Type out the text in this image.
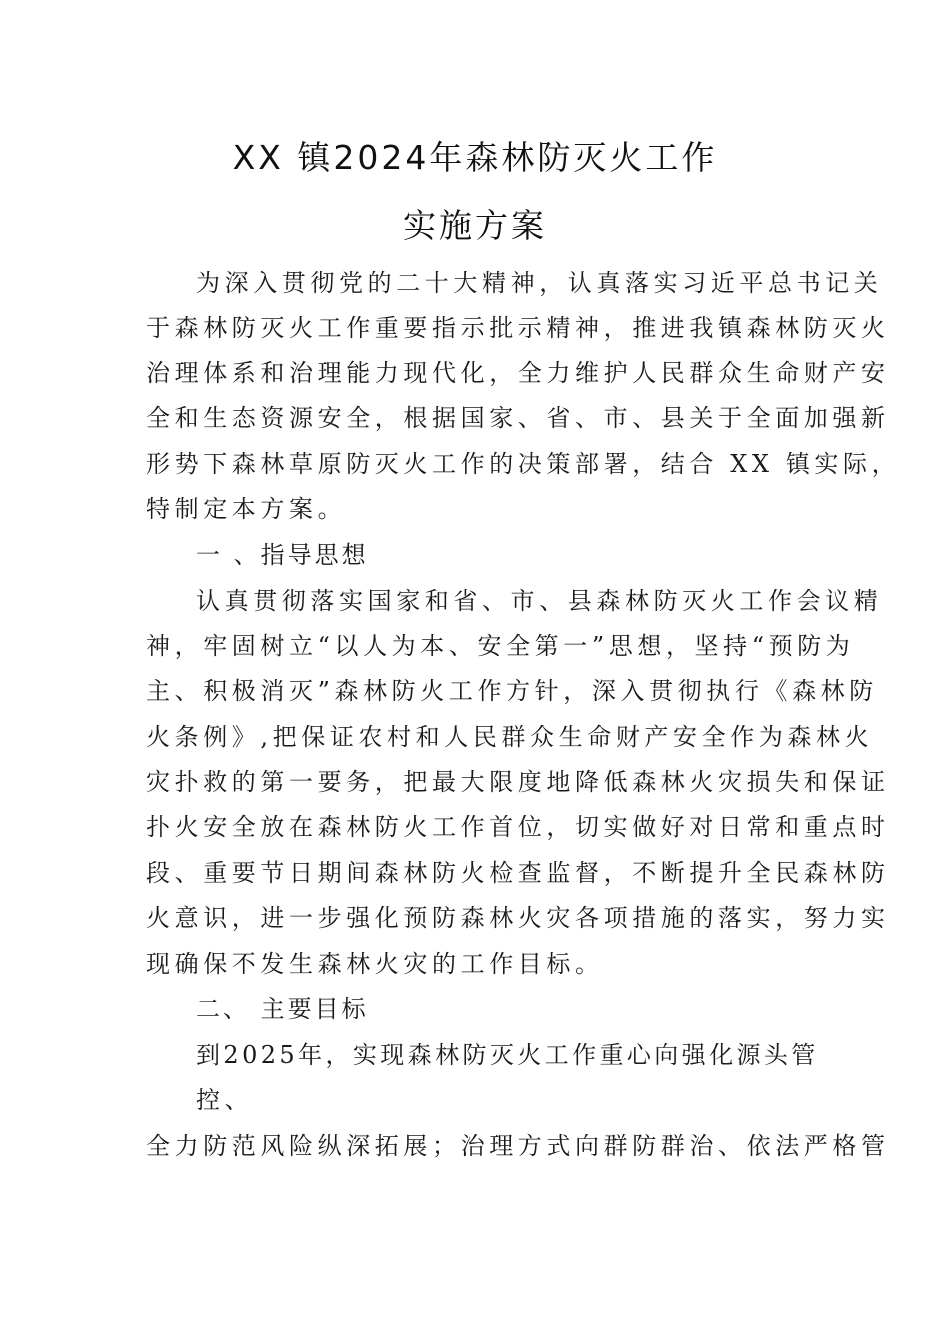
XX 镇2024年森林防灭火工作
实施方案
为深入贯彻党的二十大精神，认真落实习近平总书记关
于森林防灭火工作重要指示批示精神，推进我镇森林防灭火
治理体系和治理能力现代化，全力维护人民群众生命财产安
全和生态资源安全，根据国家、省、市、县关于全面加强新
形势下森林草原防灭火工作的决策部署，结合 XX 镇实际，
特制定本方案。
一 、指导思想
认真贯彻落实国家和省、市、县森林防灭火工作会议精
神，牢固树立“以人为本、安全第一”思想，坚持“预防为
主、积极消灭”森林防火工作方针，深入贯彻执行《森林防
火条例》,把保证农村和人民群众生命财产安全作为森林火
灾扑救的第一要务，把最大限度地降低森林火灾损失和保证
扑火安全放在森林防火工作首位，切实做好对日常和重点时
段、重要节日期间森林防火检查监督，不断提升全民森林防
火意识，进一步强化预防森林火灾各项措施的落实，努力实
现确保不发生森林火灾的工作目标。
二、 主要目标
到2025年，实现森林防灭火工作重心向强化源头管
控、
全力防范风险纵深拓展；治理方式向群防群治、依法严格管
